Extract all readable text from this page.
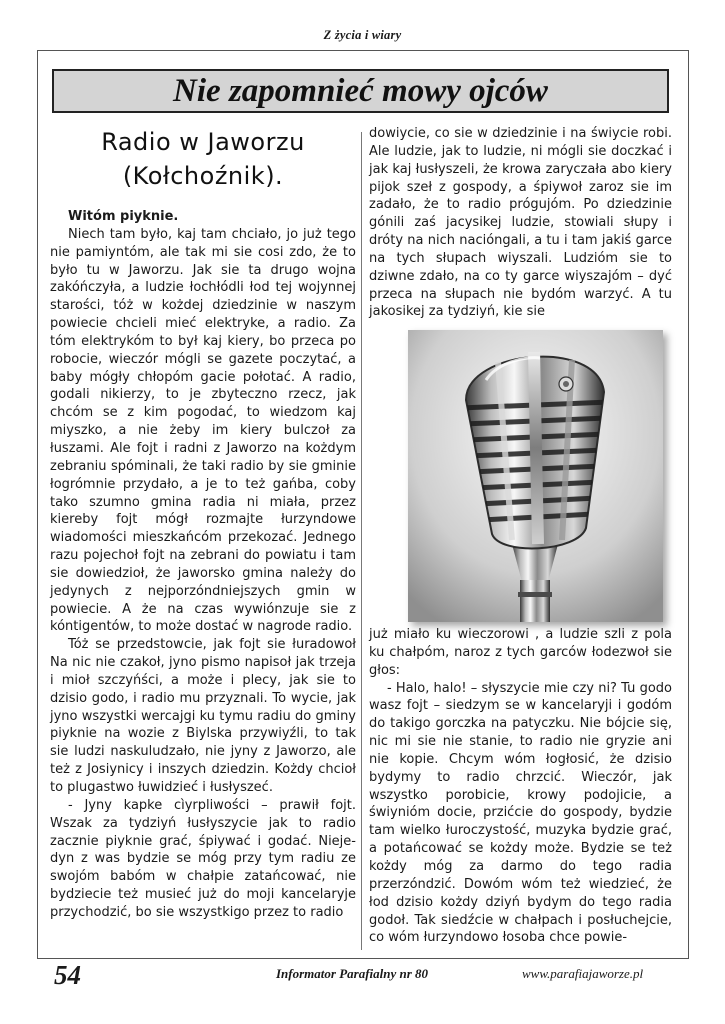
Z życia i wiary
Nie zapomnieć mowy ojców
Radio w Jaworzu
(Kołchoźnik).

Witóm piyknie.

Niech tam było, kaj tam chciało, jo już tego nie pamiyntóm, ale tak mi sie cosi zdo, że to było tu w Jaworzu. Jak sie ta drugo wojna zakóńczyła, a ludzie łochłódli łod tej wojynnej starości, tóż w kożdej dziedzinie w naszym powiecie chcieli mieć elektryke, a radio. Za tóm elektrykóm to był kaj kiery, bo przeca po robocie, wieczór mógli se gazete poczytać, a baby mógły chłopóm gacie połotać. A radio, godali nikierzy, to je zbyteczno rzecz, jak chcóm se z kim pogodać, to wiedzom kaj miyszko, a nie żeby im kiery bulczoł za łuszami. Ale fojt i radni z Jaworzo na kożdym zebraniu spóminali, że taki radio by sie gminie łogrómnie przydało, a je to też gańba, coby tako szumno gmina radia ni miała, przez kiereby fojt mógł rozmajte łurzyndowe wiadomości mieszkańcóm przekozać. Jednego razu pojechoł fojt na zebrani do powiatu i tam sie dowiedzioł, że jaworsko gmina należy do jedynych z nejporzóndniejszych gmin w powiecie. A że na czas wywiónzuje sie z kóntigentów, to może dostać w nagrode radio.

Tóż se przedstowcie, jak fojt sie łuradowoł Na nic nie czakoł, jyno pismo napisoł jak trzeja i mioł szczyńści, a może i plecy, jak sie to dzisio godo, i radio mu przyznali. To wycie, jak jyno wszystki wercajgi ku tymu radiu do gminy piyknie na wozie z Biylska przywiyźli, to tak sie ludzi naskuludzało, nie jyny z Jaworzo, ale też z Josiynicy i inszych dziedzin. Kożdy chcioł to plugastwo łuwidzieć i łusłyszeć.

- Jyny kapke cìyrpliwości – prawił fojt. Wszak za tydziyń łusłyszycie jak to radio zacznie piyknie grać, śpiywać i godać. Niejedyn z was bydzie se móg przy tym radiu ze swojóm babóm w chałpie zatańcować, nie bydziecie też musieć już do moji kancelaryje przychodzić, bo sie wszystkigo przez to radio

dowiycie, co sie w dziedzinie i na świycie robi. Ale ludzie, jak to ludzie, ni mógli sie doczkać i jak kaj łusłyszeli, że krowa zaryczała abo kiery pijok szeł z gospody, a śpiywoł zaroz sie im zadało, że to radio prógujóm. Po dziedzinie gónili zaś jacysikej ludzie, stowiali słupy i dróty na nich naciόngali, a tu i tam jakiś garce na tych słupach wiyszali. Ludziόm sie to dziwne zdało, na co ty garce wiyszajόm – dyć przeca na słupach nie bydόm warzyć. A tu jakosikej za tydziyń, kie sie

już miało ku wieczorowi , a ludzie szli z pola ku chałpóm, naroz z tych garców łodezwoł sie głos:

- Halo, halo! – słyszycie mie czy ni? Tu godo wasz fojt – siedzym se w kancelaryji i godóm do takigo gorczka na patyczku. Nie bójcie się, nic mi sie nie stanie, to radio nie gryzie ani nie kopie. Chcym wóm łogłosić, że dzisio bydymy to radio chrzcić. Wieczór, jak wszystko porobicie, krowy podojicie, a świyniόm docie, przićcie do gospody, bydzie tam wielko łuroczystość, muzyka bydzie grać, a potańcować se kożdy może. Bydzie se też kożdy móg za darmo do tego radia przerzόndzić. Dowóm wóm też wiedzieć, że łod dzisio kożdy dziyń bydym do tego radia godoł. Tak siedźcie w chałpach i posłuchejcie, co wóm łurzyndowo łosoba chce powie-

54	Informator Parafialny nr 80	www.parafiajaworze.pl
